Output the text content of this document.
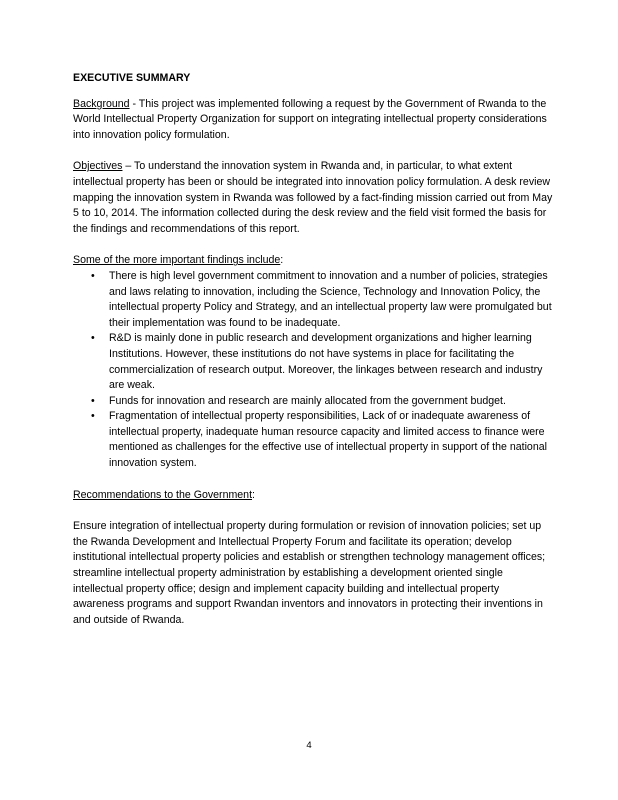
EXECUTIVE SUMMARY

Background - This project was implemented following a request by the Government of Rwanda to the World Intellectual Property Organization for support on integrating intellectual property considerations into innovation policy formulation.

Objectives – To understand the innovation system in Rwanda and, in particular, to what extent intellectual property has been or should be integrated into innovation policy formulation. A desk review mapping the innovation system in Rwanda was followed by a fact-finding mission carried out from May 5 to 10, 2014. The information collected during the desk review and the field visit formed the basis for the findings and recommendations of this report.

Some of the more important findings include:

• There is high level government commitment to innovation and a number of policies, strategies and laws relating to innovation, including the Science, Technology and Innovation Policy, the intellectual property Policy and Strategy, and an intellectual property law were promulgated but their implementation was found to be inadequate.
• R&D is mainly done in public research and development organizations and higher learning Institutions. However, these institutions do not have systems in place for facilitating the commercialization of research output. Moreover, the linkages between research and industry are weak.
• Funds for innovation and research are mainly allocated from the government budget.
• Fragmentation of intellectual property responsibilities, Lack of or inadequate awareness of intellectual property, inadequate human resource capacity and limited access to finance were mentioned as challenges for the effective use of intellectual property in support of the national innovation system.

Recommendations to the Government:

Ensure integration of intellectual property during formulation or revision of innovation policies; set up the Rwanda Development and Intellectual Property Forum and facilitate its operation; develop institutional intellectual property policies and establish or strengthen technology management offices; streamline intellectual property administration by establishing a development oriented single intellectual property office; design and implement capacity building and intellectual property awareness programs and support Rwandan inventors and innovators in protecting their inventions in and outside of Rwanda.

4
